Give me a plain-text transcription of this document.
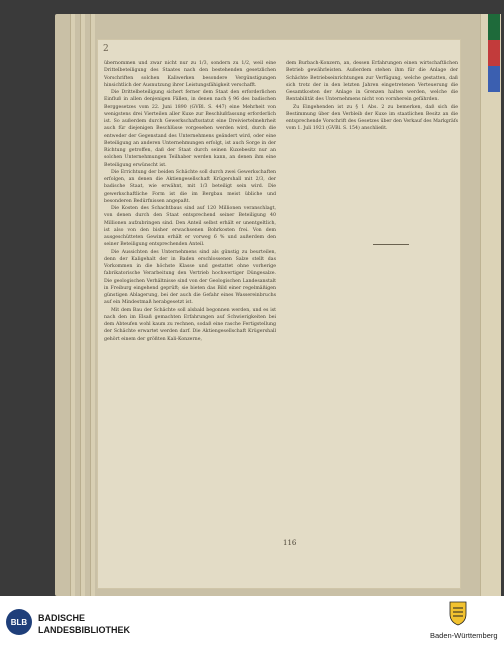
2

übernommen und zwar nicht nur zu 1/3, sondern zu 1/2, weil eine Drittelbeteiligung des Staates nach den bestehenden gesetzlichen Vorschriften solchen Kaliwerken besondere Vergünstigungen hinsichtlich der Ausnutzung ihrer Leistungsfähigkeit verschafft.

Die Drittelbeteiligung sichert ferner dem Staat den erforderlichen Einfluß in allen denjenigen Fällen, in denen nach § 96 des badischen Berggesetzes vom 22. Juni 1890 (GVBl. S. 447) eine Mehrheit von wenigstens drei Vierteilen aller Kuxe zur Beschlußfassung erforderlich ist. So außerdem durch Gewerkschaftsstatut eine Dreiviertelmehrheit auch für diejenigen Beschlüsse vorgesehen werden wird, durch die entweder der Gegenstand des Unternehmens geändert wird, oder eine Beteiligung an anderen Unternehmungen erfolgt, ist auch Sorge in der Richtung getroffen, daß der Staat durch seinen Kuxebesitz nur an solchen Unternehmungen Teilhaber werden kann, an denen ihm eine Beteiligung erwünscht ist.

Die Errichtung der beiden Schächte soll durch zwei Gewerkschaften erfolgen, an denen die Aktiengesellschaft Krügershall mit 2/3, der badische Staat, wie erwähnt, mit 1/3 beteiligt sein wird. Die gewerkschaftliche Form ist die im Bergbau meist übliche und besonderen Bedürfnissen angepaßt.

Die Kosten des Schachtbaus sind auf 120 Millionen veranschlagt, von denen durch den Staat entsprechend seiner Beteiligung 40 Millionen aufzubringen sind. Den Anteil selbst erhält er unentgeltlich, ist also von den bisher erwachsenen Bohrkosten frei. Von dem ausgeschütteten Gewinn erhält er vorweg 6 % und außerdem den seiner Beteiligung entsprechenden Anteil.

Die Aussichten des Unternehmens sind als günstig zu beurteilen, denn der Kaligehalt der in Baden erschlossenen Salze stellt das Vorkommen in die höchste Klasse und gestattet ohne vorherige fabrikatorische Verarbeitung den Vertrieb hochwertiger Düngesalze. Die geologischen Verhältnisse sind von der Geologischen Landesanstalt in Freiburg eingehend geprüft; sie bieten das Bild einer regelmäßigen günstigen Ablagerung, bei der auch die Gefahr eines Wassereinbruchs auf ein Mindestmaß herabgesetzt ist.

Mit dem Bau der Schächte soll alsbald begonnen werden, und es ist nach den im Elsaß gemachten Erfahrungen auf Schwierigkeiten bei dem Abteufen wohl kaum zu rechnen, sodaß eine rasche Fertigstellung der Schächte erwartet werden darf. Die Aktiengesellschaft Krügershall gehört einem der größten Kali-Konzerne,

dem Burbach-Konzern, an, dessen Erfahrungen einen wirtschaftlichen Betrieb gewährleisten. Außerdem stehen ihm für die Anlage der Schächte Betriebseinrichtungen zur Verfügung, welche gestatten, daß sich trotz der in den letzten Jahren eingetretenen Verteuerung die Gesamtkosten der Anlage in Grenzen halten werden, welche die Rentabilität des Unternehmens nicht von vornherein gefährden.

Zu Eingehenden ist zu § 1 Abs. 2 zu bemerken, daß sich die Bestimmung über den Verbleib der Kuxe im staatlichen Besitz an die entsprechende Vorschrift des Gesetzes über den Verkauf des Markgräfs vom 1. Juli 1921 (GVBl. S. 154) anschließt.

116
BLB	BADISCHE
LANDESBIBLIOTHEK
Baden-Württemberg
